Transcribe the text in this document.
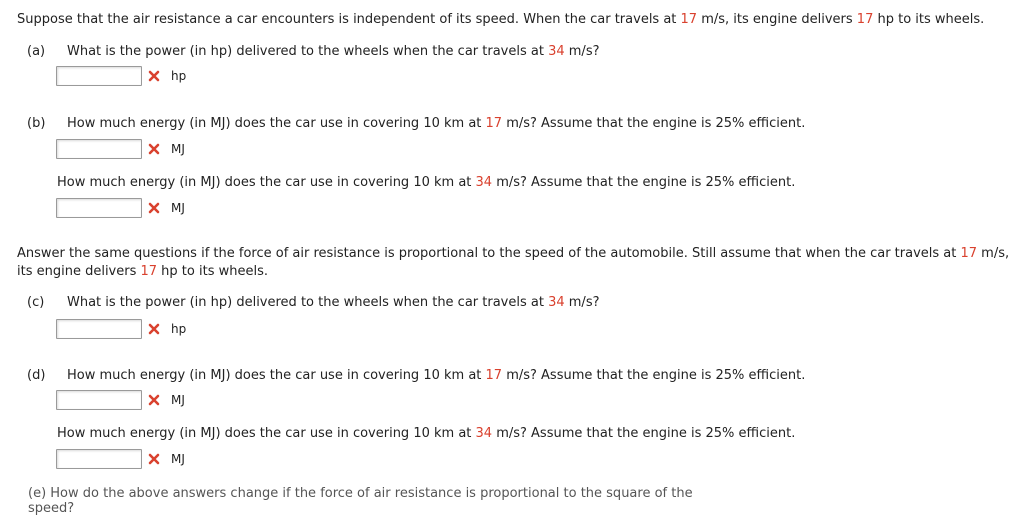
Suppose that the air resistance a car encounters is independent of its speed. When the car travels at 17 m/s, its engine delivers 17 hp to its wheels.
(a) What is the power (in hp) delivered to the wheels when the car travels at 34 m/s?
hp
(b) How much energy (in MJ) does the car use in covering 10 km at 17 m/s? Assume that the engine is 25% efficient.
MJ
How much energy (in MJ) does the car use in covering 10 km at 34 m/s? Assume that the engine is 25% efficient.
MJ
Answer the same questions if the force of air resistance is proportional to the speed of the automobile. Still assume that when the car travels at 17 m/s,
its engine delivers 17 hp to its wheels.
(c) What is the power (in hp) delivered to the wheels when the car travels at 34 m/s?
hp
(d) How much energy (in MJ) does the car use in covering 10 km at 17 m/s? Assume that the engine is 25% efficient.
MJ
How much energy (in MJ) does the car use in covering 10 km at 34 m/s? Assume that the engine is 25% efficient.
MJ
(e) How do the above answers change if the force of air resistance is proportional to the square of the speed?
